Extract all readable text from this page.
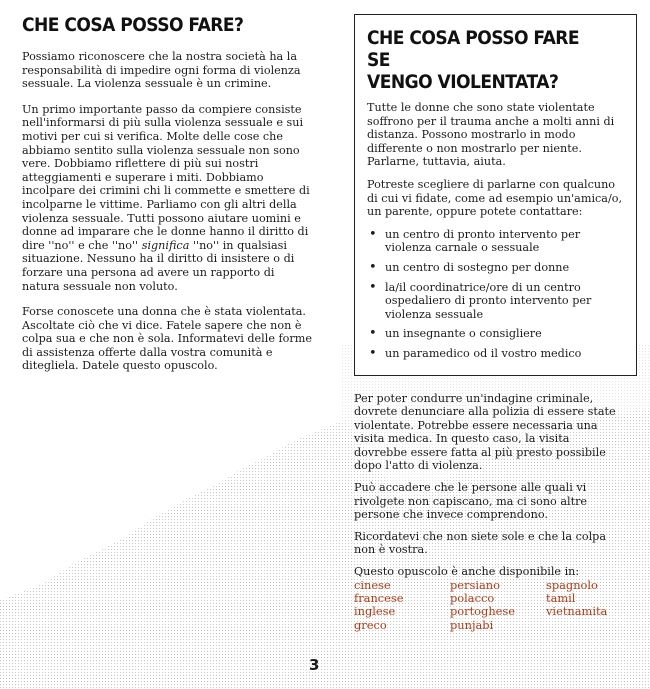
CHE COSA POSSO FARE?

Possiamo riconoscere che la nostra società ha la responsabilità di impedire ogni forma di violenza sessuale. La violenza sessuale è un crimine.

Un primo importante passo da compiere consiste nell'informarsi di più sulla violenza sessuale e sui motivi per cui si verifica. Molte delle cose che abbiamo sentito sulla violenza sessuale non sono vere. Dobbiamo riflettere di più sui nostri atteggiamenti e superare i miti. Dobbiamo incolpare dei crimini chi li commette e smettere di incolparne le vittime. Parliamo con gli altri della violenza sessuale. Tutti possono aiutare uomini e donne ad imparare che le donne hanno il diritto di dire ''no'' e che ''no'' significa ''no'' in qualsiasi situazione. Nessuno ha il diritto di insistere o di forzare una persona ad avere un rapporto di natura sessuale non voluto.

Forse conoscete una donna che è stata violentata. Ascoltate ciò che vi dice. Fatele sapere che non è colpa sua e che non è sola. Informatevi delle forme di assistenza offerte dalla vostra comunità e ditegliela. Datele questo opuscolo.

CHE COSA POSSO FARE SE
VENGO VIOLENTATA?

Tutte le donne che sono state violentate soffrono per il trauma anche a molti anni di distanza. Possono mostrarlo in modo differente o non mostrarlo per niente. Parlarne, tuttavia, aiuta.

Potreste scegliere di parlarne con qualcuno di cui vi fidate, come ad esempio un'amica/o, un parente, oppure potete contattare:

• un centro di pronto intervento per violenza carnale o sessuale
• un centro di sostegno per donne
• la/il coordinatrice/ore di un centro ospedaliero di pronto intervento per violenza sessuale
• un insegnante o consigliere
• un paramedico od il vostro medico

Per poter condurre un'indagine criminale, dovrete denunciare alla polizia di essere state violentate. Potrebbe essere necessaria una visita medica. In questo caso, la visita dovrebbe essere fatta al più presto possibile dopo l'atto di violenza.

Può accadere che le persone alle quali vi rivolgete non capiscano, ma ci sono altre persone che invece comprendono.

Ricordatevi che non siete sole e che la colpa non è vostra.

Questo opuscolo è anche disponibile in:

cinese	persiano	spagnolo
francese	polacco	tamil
inglese	portoghese	vietnamita
greco	punjabi
3
